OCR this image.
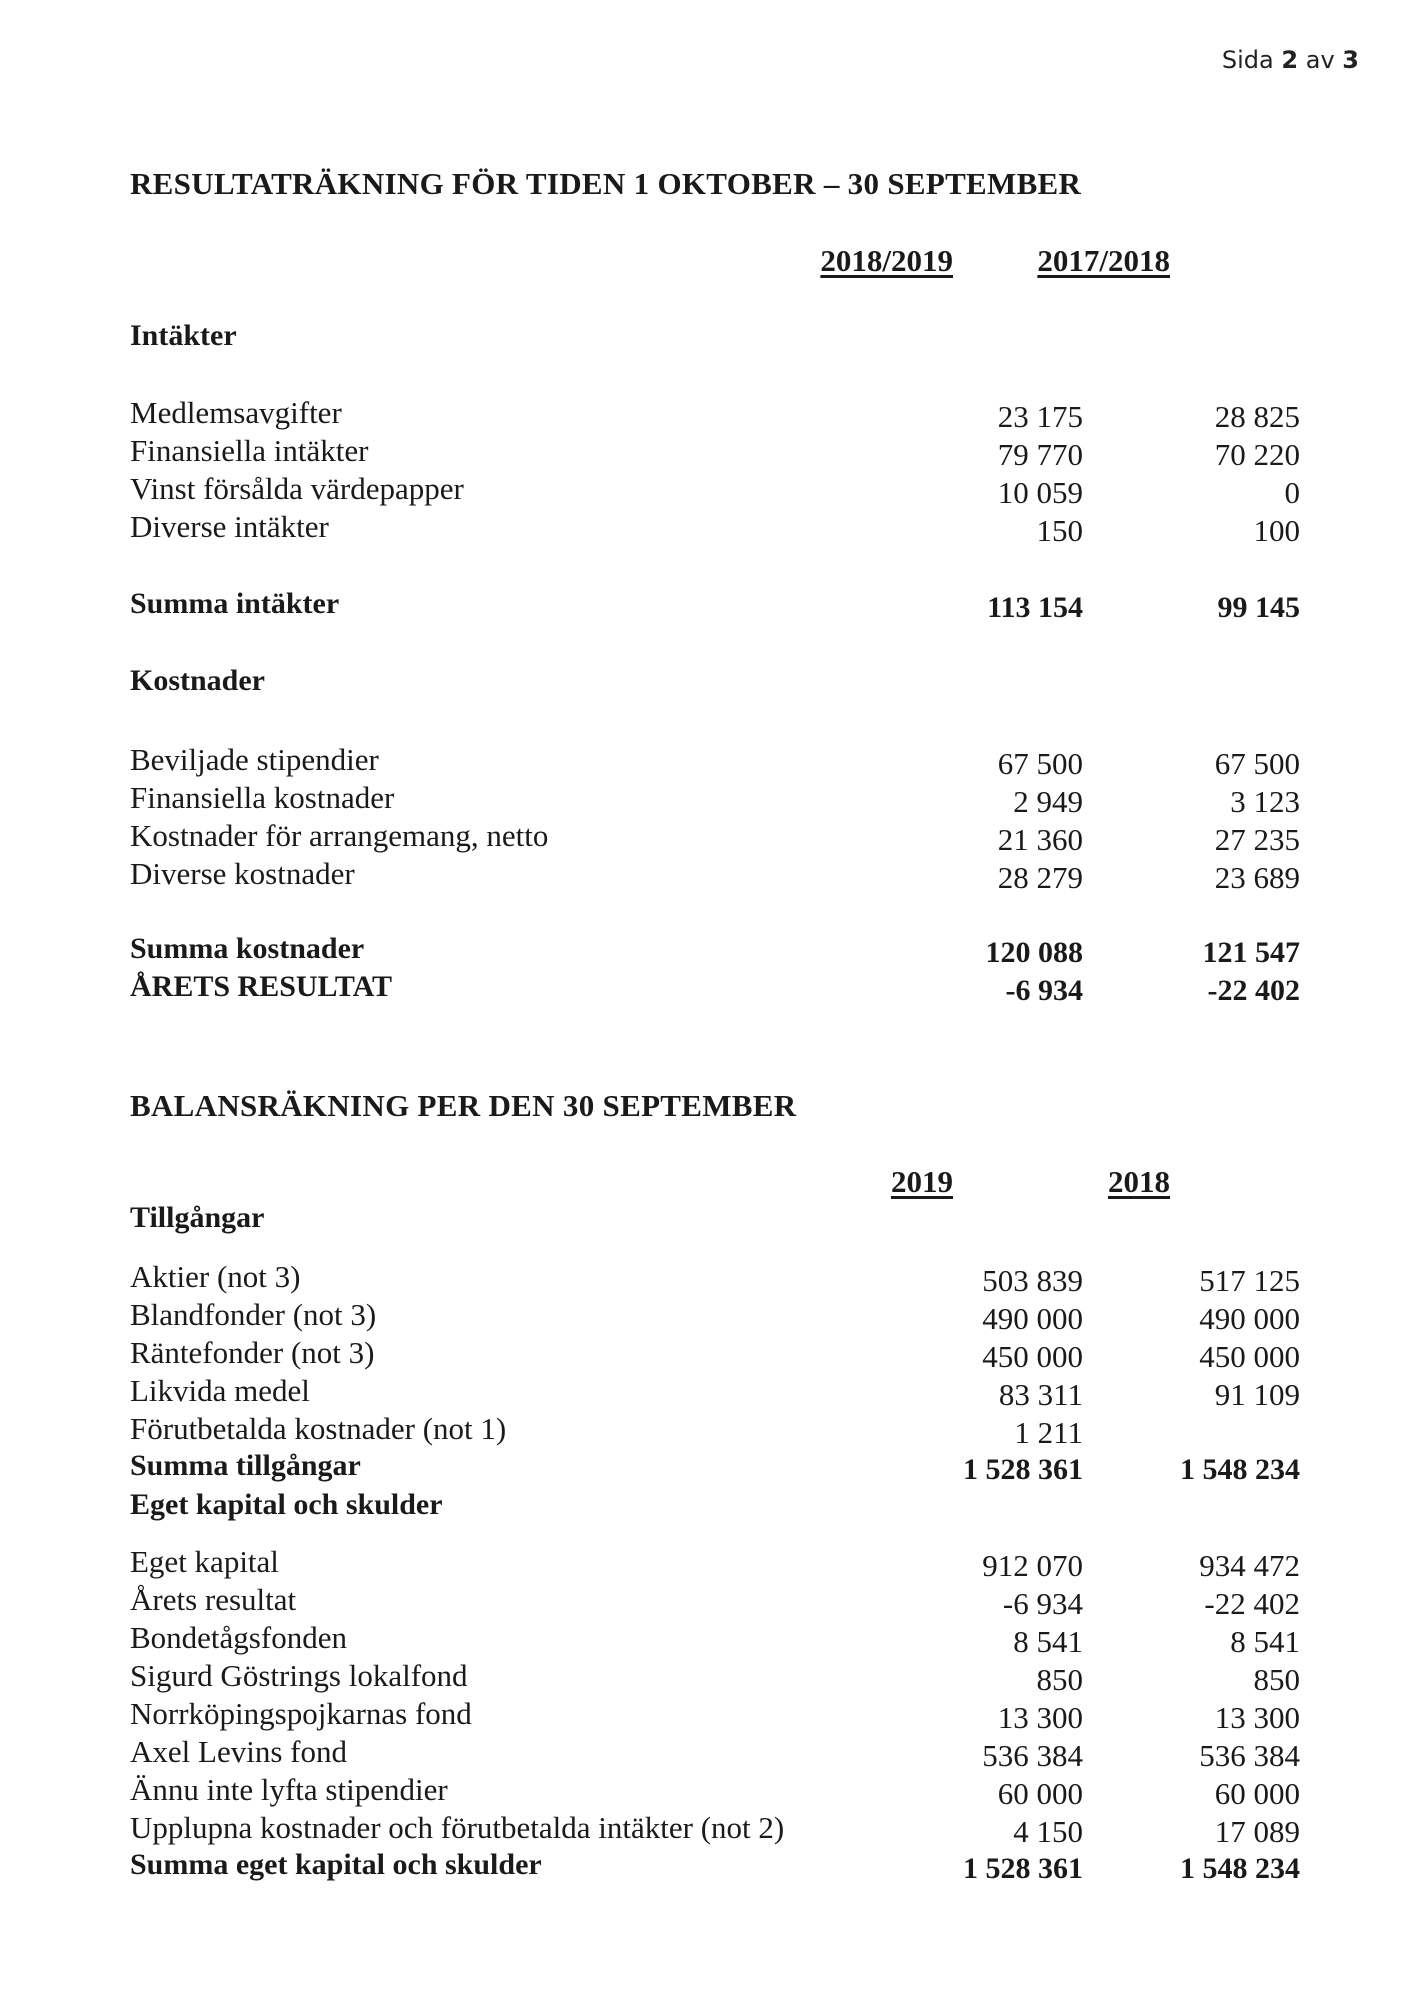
Sida 2 av 3
RESULTATRÄKNING FÖR TIDEN 1 OKTOBER – 30 SEPTEMBER
2018/2019	2017/2018
Intäkter
Medlemsavgifter	23 175	28 825
Finansiella intäkter	79 770	70 220
Vinst försålda värdepapper	10 059	0
Diverse intäkter	150	100
Summa intäkter	113 154	99 145
Kostnader
Beviljade stipendier	67 500	67 500
Finansiella kostnader	2 949	3 123
Kostnader för arrangemang, netto	21 360	27 235
Diverse kostnader	28 279	23 689
Summa kostnader	120 088	121 547
ÅRETS RESULTAT	-6 934	-22 402
BALANSRÄKNING PER DEN 30 SEPTEMBER
2019	2018
Tillgångar
Aktier (not 3)	503 839	517 125
Blandfonder (not 3)	490 000	490 000
Räntefonder (not 3)	450 000	450 000
Likvida medel	83 311	91 109
Förutbetalda kostnader (not 1)	1 211
Summa tillgångar	1 528 361	1 548 234
Eget kapital och skulder
Eget kapital	912 070	934 472
Årets resultat	-6 934	-22 402
Bondetågsfonden	8 541	8 541
Sigurd Göstrings lokalfond	850	850
Norrköpingspojkarnas fond	13 300	13 300
Axel Levins fond	536 384	536 384
Ännu inte lyfta stipendier	60 000	60 000
Upplupna kostnader och förutbetalda intäkter (not 2)	4 150	17 089
Summa eget kapital och skulder	1 528 361	1 548 234
